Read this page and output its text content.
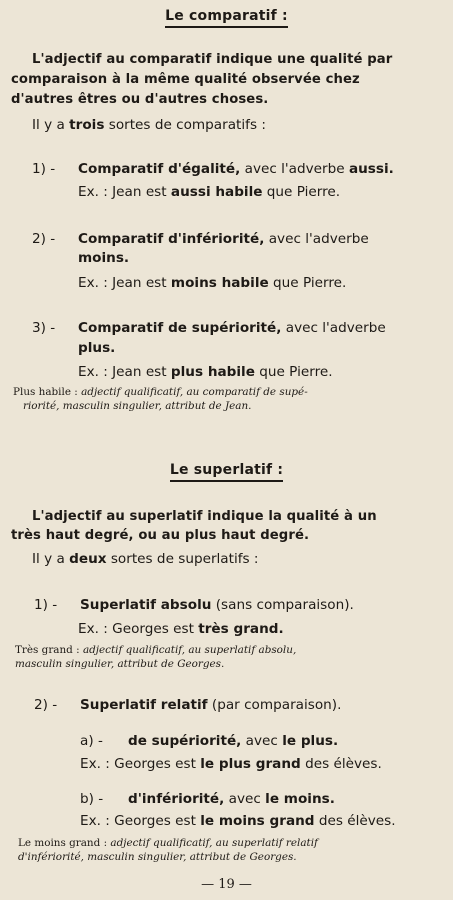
Le comparatif :
L'adjectif au comparatif indique une qualité par
comparaison à la même qualité observée chez
d'autres êtres ou d'autres choses.
Il y a trois sortes de comparatifs :
1) - Comparatif d'égalité, avec l'adverbe aussi.
Ex. : Jean est aussi habile que Pierre.
2) - Comparatif d'infériorité, avec l'adverbe
moins.
Ex. : Jean est moins habile que Pierre.
3) - Comparatif de supériorité, avec l'adverbe
plus.
Ex. : Jean est plus habile que Pierre.
Plus habile : adjectif qualificatif, au comparatif de supé-
riorité, masculin singulier, attribut de Jean.
Le superlatif :
L'adjectif au superlatif indique la qualité à un
très haut degré, ou au plus haut degré.
Il y a deux sortes de superlatifs :
1) - Superlatif absolu (sans comparaison).
Ex. : Georges est très grand.
Très grand : adjectif qualificatif, au superlatif absolu,
masculin singulier, attribut de Georges.
2) - Superlatif relatif (par comparaison).
a) - de supériorité, avec le plus.
Ex. : Georges est le plus grand des élèves.
b) - d'infériorité, avec le moins.
Ex. : Georges est le moins grand des élèves.
Le moins grand : adjectif qualificatif, au superlatif relatif
d'infériorité, masculin singulier, attribut de Georges.
— 19 —
